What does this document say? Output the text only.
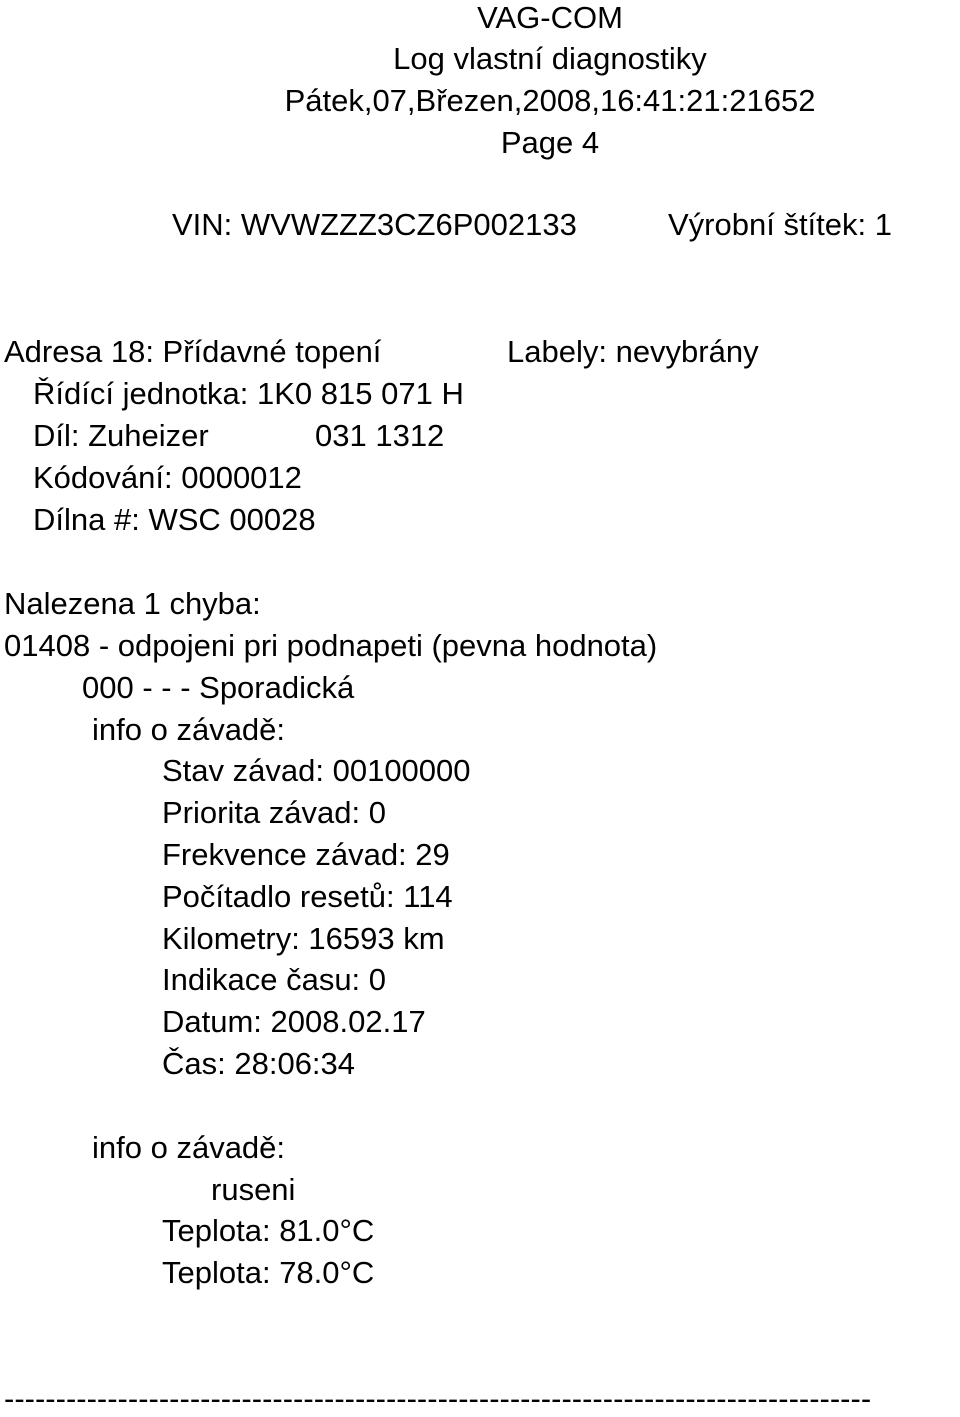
VAG-COM
Log vlastní diagnostiky
Pátek,07,Březen,2008,16:41:21:21652
Page 4
VIN: WVWZZZ3CZ6P002133	Výrobní štítek: 1
Adresa 18: Přídavné topení	Labely: nevybrány
Řídící jednotka: 1K0 815 071 H
Díl: Zuheizer	031 1312
Kódování: 0000012
Dílna #: WSC 00028
Nalezena 1 chyba:
01408 - odpojeni pri podnapeti (pevna hodnota)
000 - - - Sporadická
info o závadě:
Stav závad: 00100000
Priorita závad: 0
Frekvence závad: 29
Počítadlo resetů: 114
Kilometry: 16593 km
Indikace času: 0
Datum: 2008.02.17
Čas: 28:06:34
info o závadě:
ruseni
Teplota: 81.0°C
Teplota: 78.0°C
------------------------------------------------------------------------------------
